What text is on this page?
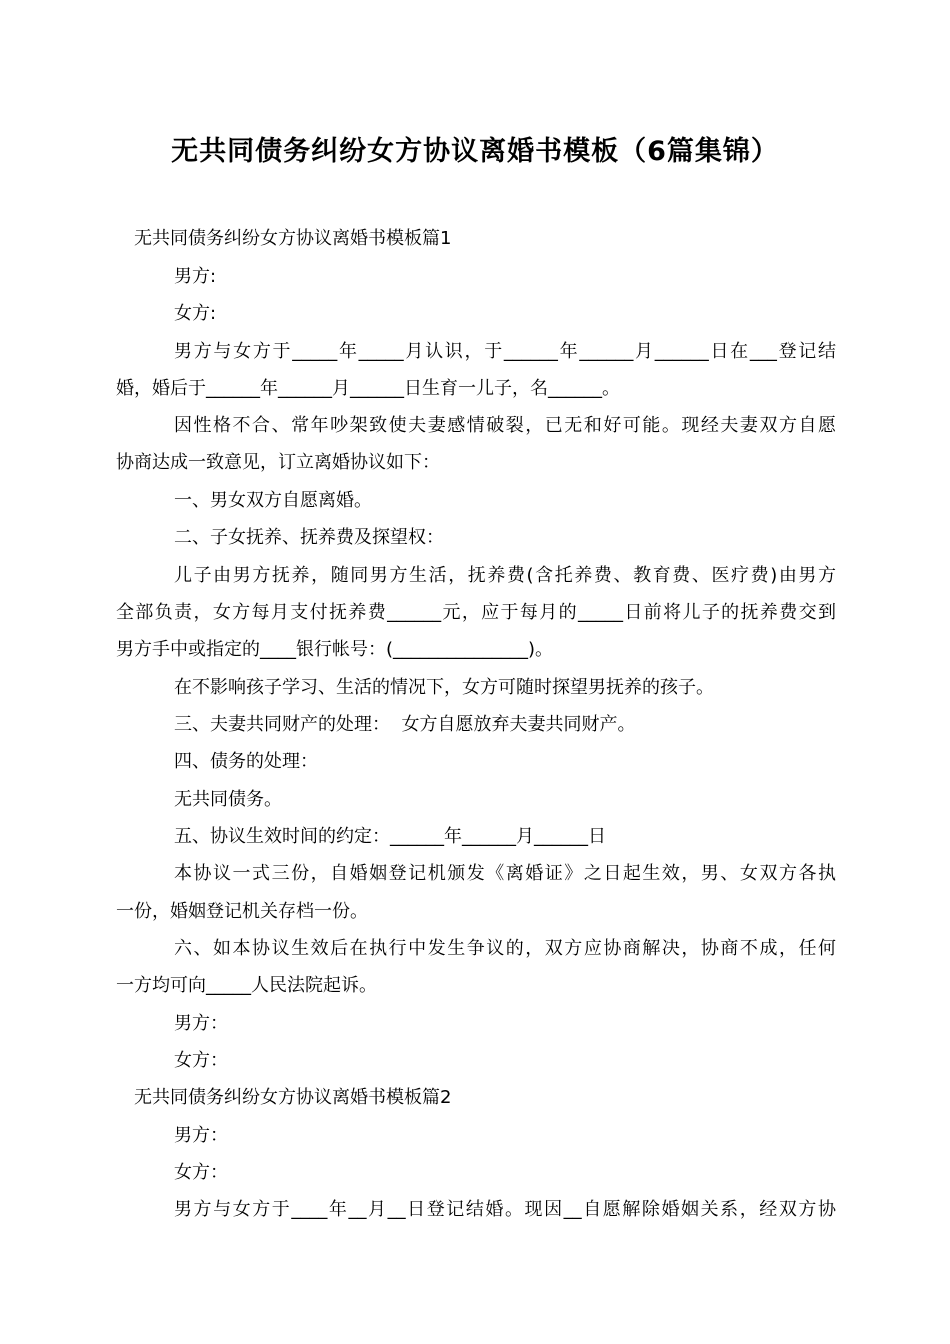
无共同债务纠纷女方协议离婚书模板（6篇集锦）
无共同债务纠纷女方协议离婚书模板篇1
男方:
女方:
男方与女方于_____年_____月认识，于______年______月______日在___登记结
婚，婚后于______年______月______日生育一儿子，名______。
因性格不合、常年吵架致使夫妻感情破裂，已无和好可能。现经夫妻双方自愿
协商达成一致意见，订立离婚协议如下：
一、男女双方自愿离婚。
二、子女抚养、抚养费及探望权：
儿子由男方抚养，随同男方生活，抚养费(含托养费、教育费、医疗费)由男方
全部负责，女方每月支付抚养费______元，应于每月的_____日前将儿子的抚养费交到
男方手中或指定的____银行帐号：(_______________)。
在不影响孩子学习、生活的情况下，女方可随时探望男抚养的孩子。
三、夫妻共同财产的处理：  女方自愿放弃夫妻共同财产。
四、债务的处理：
无共同债务。
五、协议生效时间的约定：______年______月______日
本协议一式三份，自婚姻登记机颁发《离婚证》之日起生效，男、女双方各执
一份，婚姻登记机关存档一份。
六、如本协议生效后在执行中发生争议的，双方应协商解决，协商不成，任何
一方均可向_____人民法院起诉。
男方：
女方：
无共同债务纠纷女方协议离婚书模板篇2
男方：
女方：
男方与女方于____年__月__日登记结婚。现因__自愿解除婚姻关系，经双方协
